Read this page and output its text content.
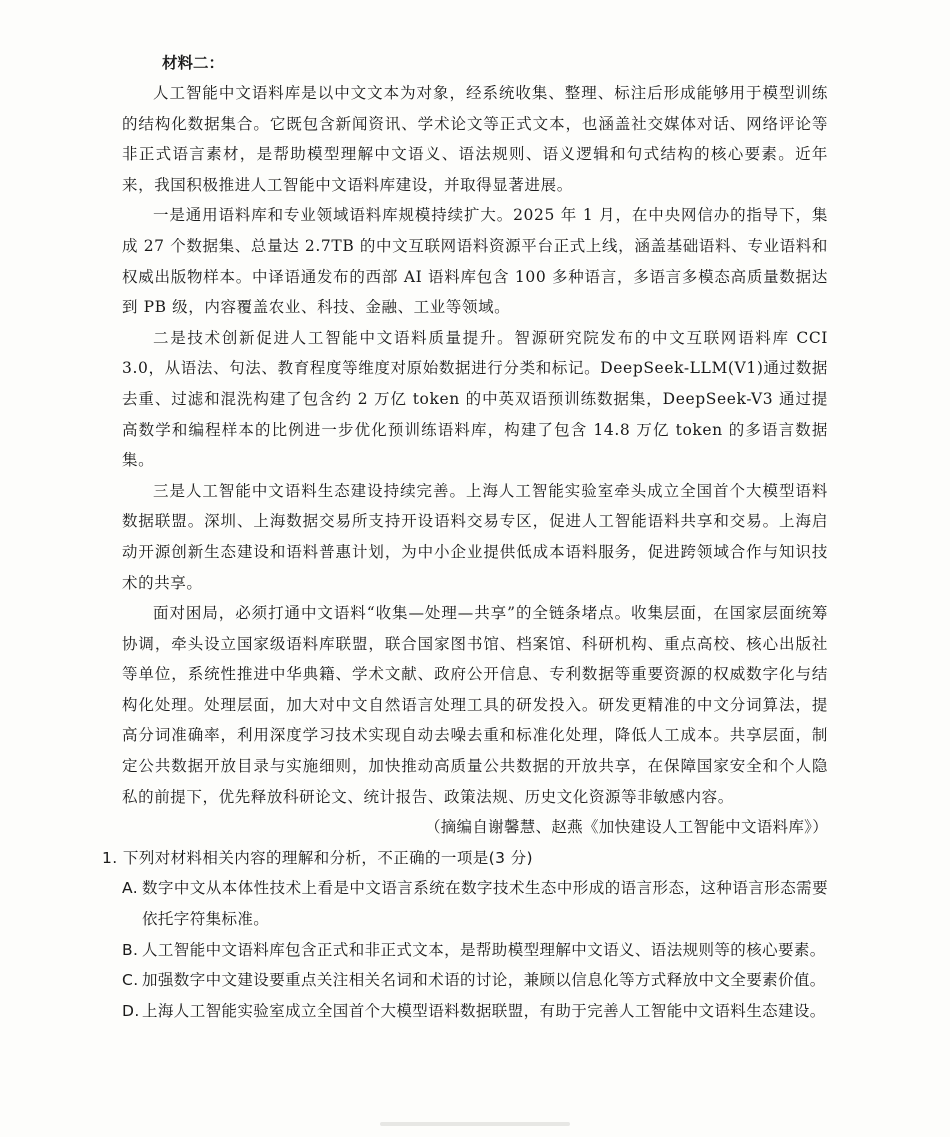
材料二：

人工智能中文语料库是以中文文本为对象，经系统收集、整理、标注后形成能够用于模型训练的结构化数据集合。它既包含新闻资讯、学术论文等正式文本，也涵盖社交媒体对话、网络评论等非正式语言素材，是帮助模型理解中文语义、语法规则、语义逻辑和句式结构的核心要素。近年来，我国积极推进人工智能中文语料库建设，并取得显著进展。

一是通用语料库和专业领域语料库规模持续扩大。2025 年 1 月，在中央网信办的指导下，集成 27 个数据集、总量达 2.7TB 的中文互联网语料资源平台正式上线，涵盖基础语料、专业语料和权威出版物样本。中译语通发布的西部 AI 语料库包含 100 多种语言，多语言多模态高质量数据达到 PB 级，内容覆盖农业、科技、金融、工业等领域。

二是技术创新促进人工智能中文语料质量提升。智源研究院发布的中文互联网语料库 CCI 3.0，从语法、句法、教育程度等维度对原始数据进行分类和标记。DeepSeek-LLM(V1)通过数据去重、过滤和混洗构建了包含约 2 万亿 token 的中英双语预训练数据集，DeepSeek-V3 通过提高数学和编程样本的比例进一步优化预训练语料库，构建了包含 14.8 万亿 token 的多语言数据集。

三是人工智能中文语料生态建设持续完善。上海人工智能实验室牵头成立全国首个大模型语料数据联盟。深圳、上海数据交易所支持开设语料交易专区，促进人工智能语料共享和交易。上海启动开源创新生态建设和语料普惠计划，为中小企业提供低成本语料服务，促进跨领域合作与知识技术的共享。

面对困局，必须打通中文语料“收集—处理—共享”的全链条堵点。收集层面，在国家层面统筹协调，牵头设立国家级语料库联盟，联合国家图书馆、档案馆、科研机构、重点高校、核心出版社等单位，系统性推进中华典籍、学术文献、政府公开信息、专利数据等重要资源的权威数字化与结构化处理。处理层面，加大对中文自然语言处理工具的研发投入。研发更精准的中文分词算法，提高分词准确率，利用深度学习技术实现自动去噪去重和标准化处理，降低人工成本。共享层面，制定公共数据开放目录与实施细则，加快推动高质量公共数据的开放共享，在保障国家安全和个人隐私的前提下，优先释放科研论文、统计报告、政策法规、历史文化资源等非敏感内容。

（摘编自谢馨慧、赵燕《加快建设人工智能中文语料库》）

1. 下列对材料相关内容的理解和分析，不正确的一项是(3 分)

A. 数字中文从本体性技术上看是中文语言系统在数字技术生态中形成的语言形态，这种语言形态需要依托字符集标准。
B. 人工智能中文语料库包含正式和非正式文本，是帮助模型理解中文语义、语法规则等的核心要素。
C. 加强数字中文建设要重点关注相关名词和术语的讨论，兼顾以信息化等方式释放中文全要素价值。
D. 上海人工智能实验室成立全国首个大模型语料数据联盟，有助于完善人工智能中文语料生态建设。
